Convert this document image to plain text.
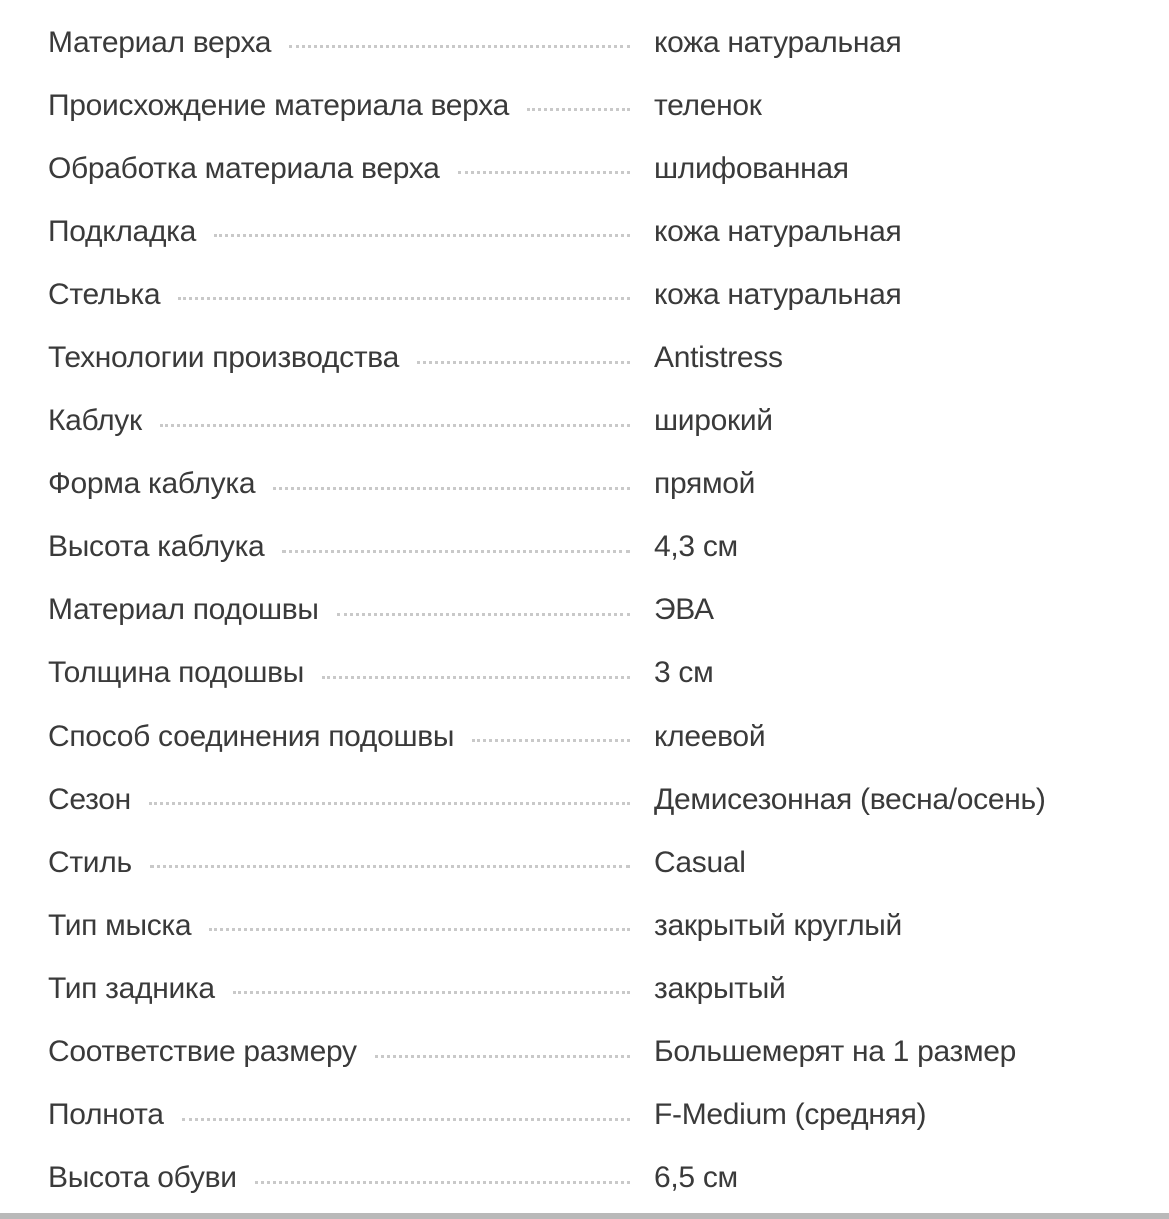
Материал верха	кожа натуральная
Происхождение материала верха	теленок
Обработка материала верха	шлифованная
Подкладка	кожа натуральная
Стелька	кожа натуральная
Технологии производства	Antistress
Каблук	широкий
Форма каблука	прямой
Высота каблука	4,3 см
Материал подошвы	ЭВА
Толщина подошвы	3 см
Способ соединения подошвы	клеевой
Сезон	Демисезонная (весна/осень)
Стиль	Casual
Тип мыска	закрытый круглый
Тип задника	закрытый
Соответствие размеру	Большемерят на 1 размер
Полнота	F-Medium (средняя)
Высота обуви	6,5 см
